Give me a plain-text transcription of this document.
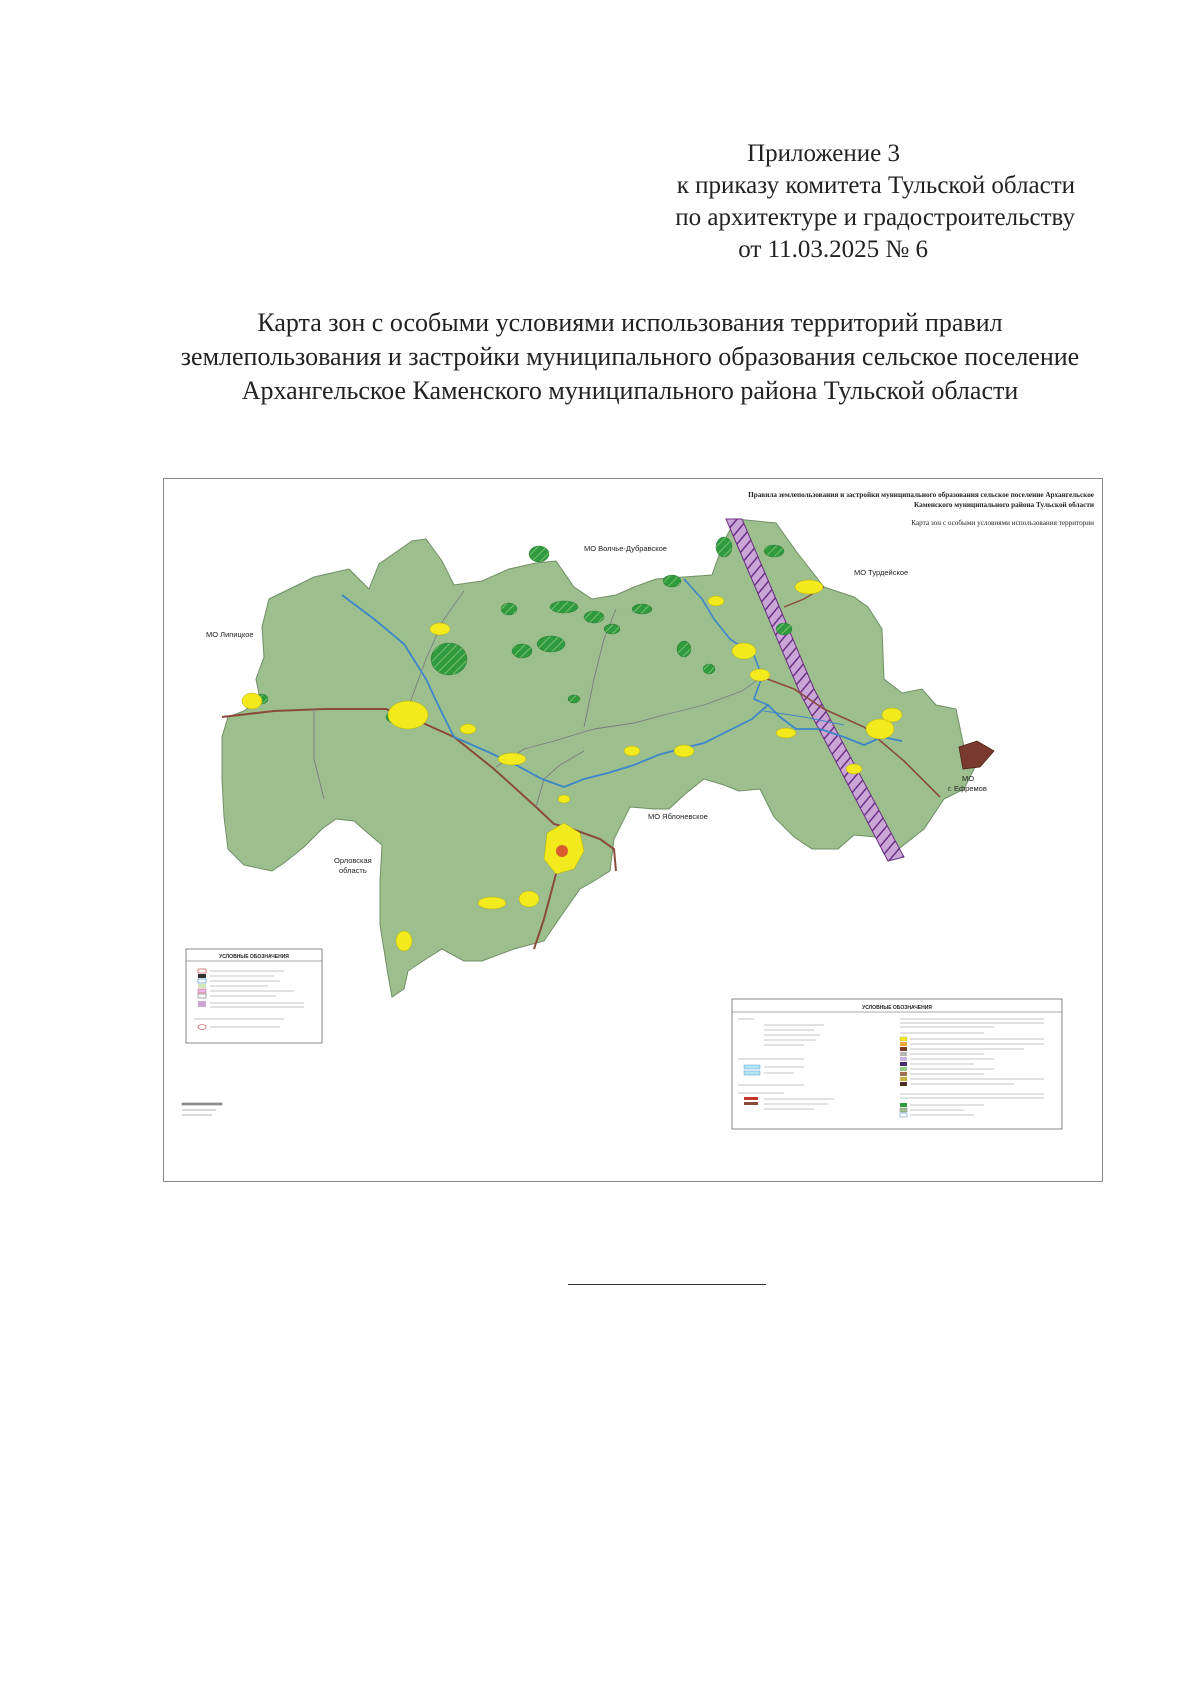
Приложение 3
к приказу комитета Тульской области
по архитектуре и градостроительству
от 11.03.2025 № 6
Карта зон с особыми условиями использования территорий правил землепользования и застройки муниципального образования сельское поселение Архангельское Каменского муниципального района Тульской области
Правила землепользования и застройки муниципального образования сельское поселение Архангельское
Каменского муниципального района Тульской области
Карта зон с особыми условиями использования территории
МО Липицкое
МО Волчье-Дубравское
МО Турдейское
МО Яблоневское
МО
г. Ефремов
Орловская
область
УСЛОВНЫЕ ОБОЗНАЧЕНИЯ
УСЛОВНЫЕ ОБОЗНАЧЕНИЯ
